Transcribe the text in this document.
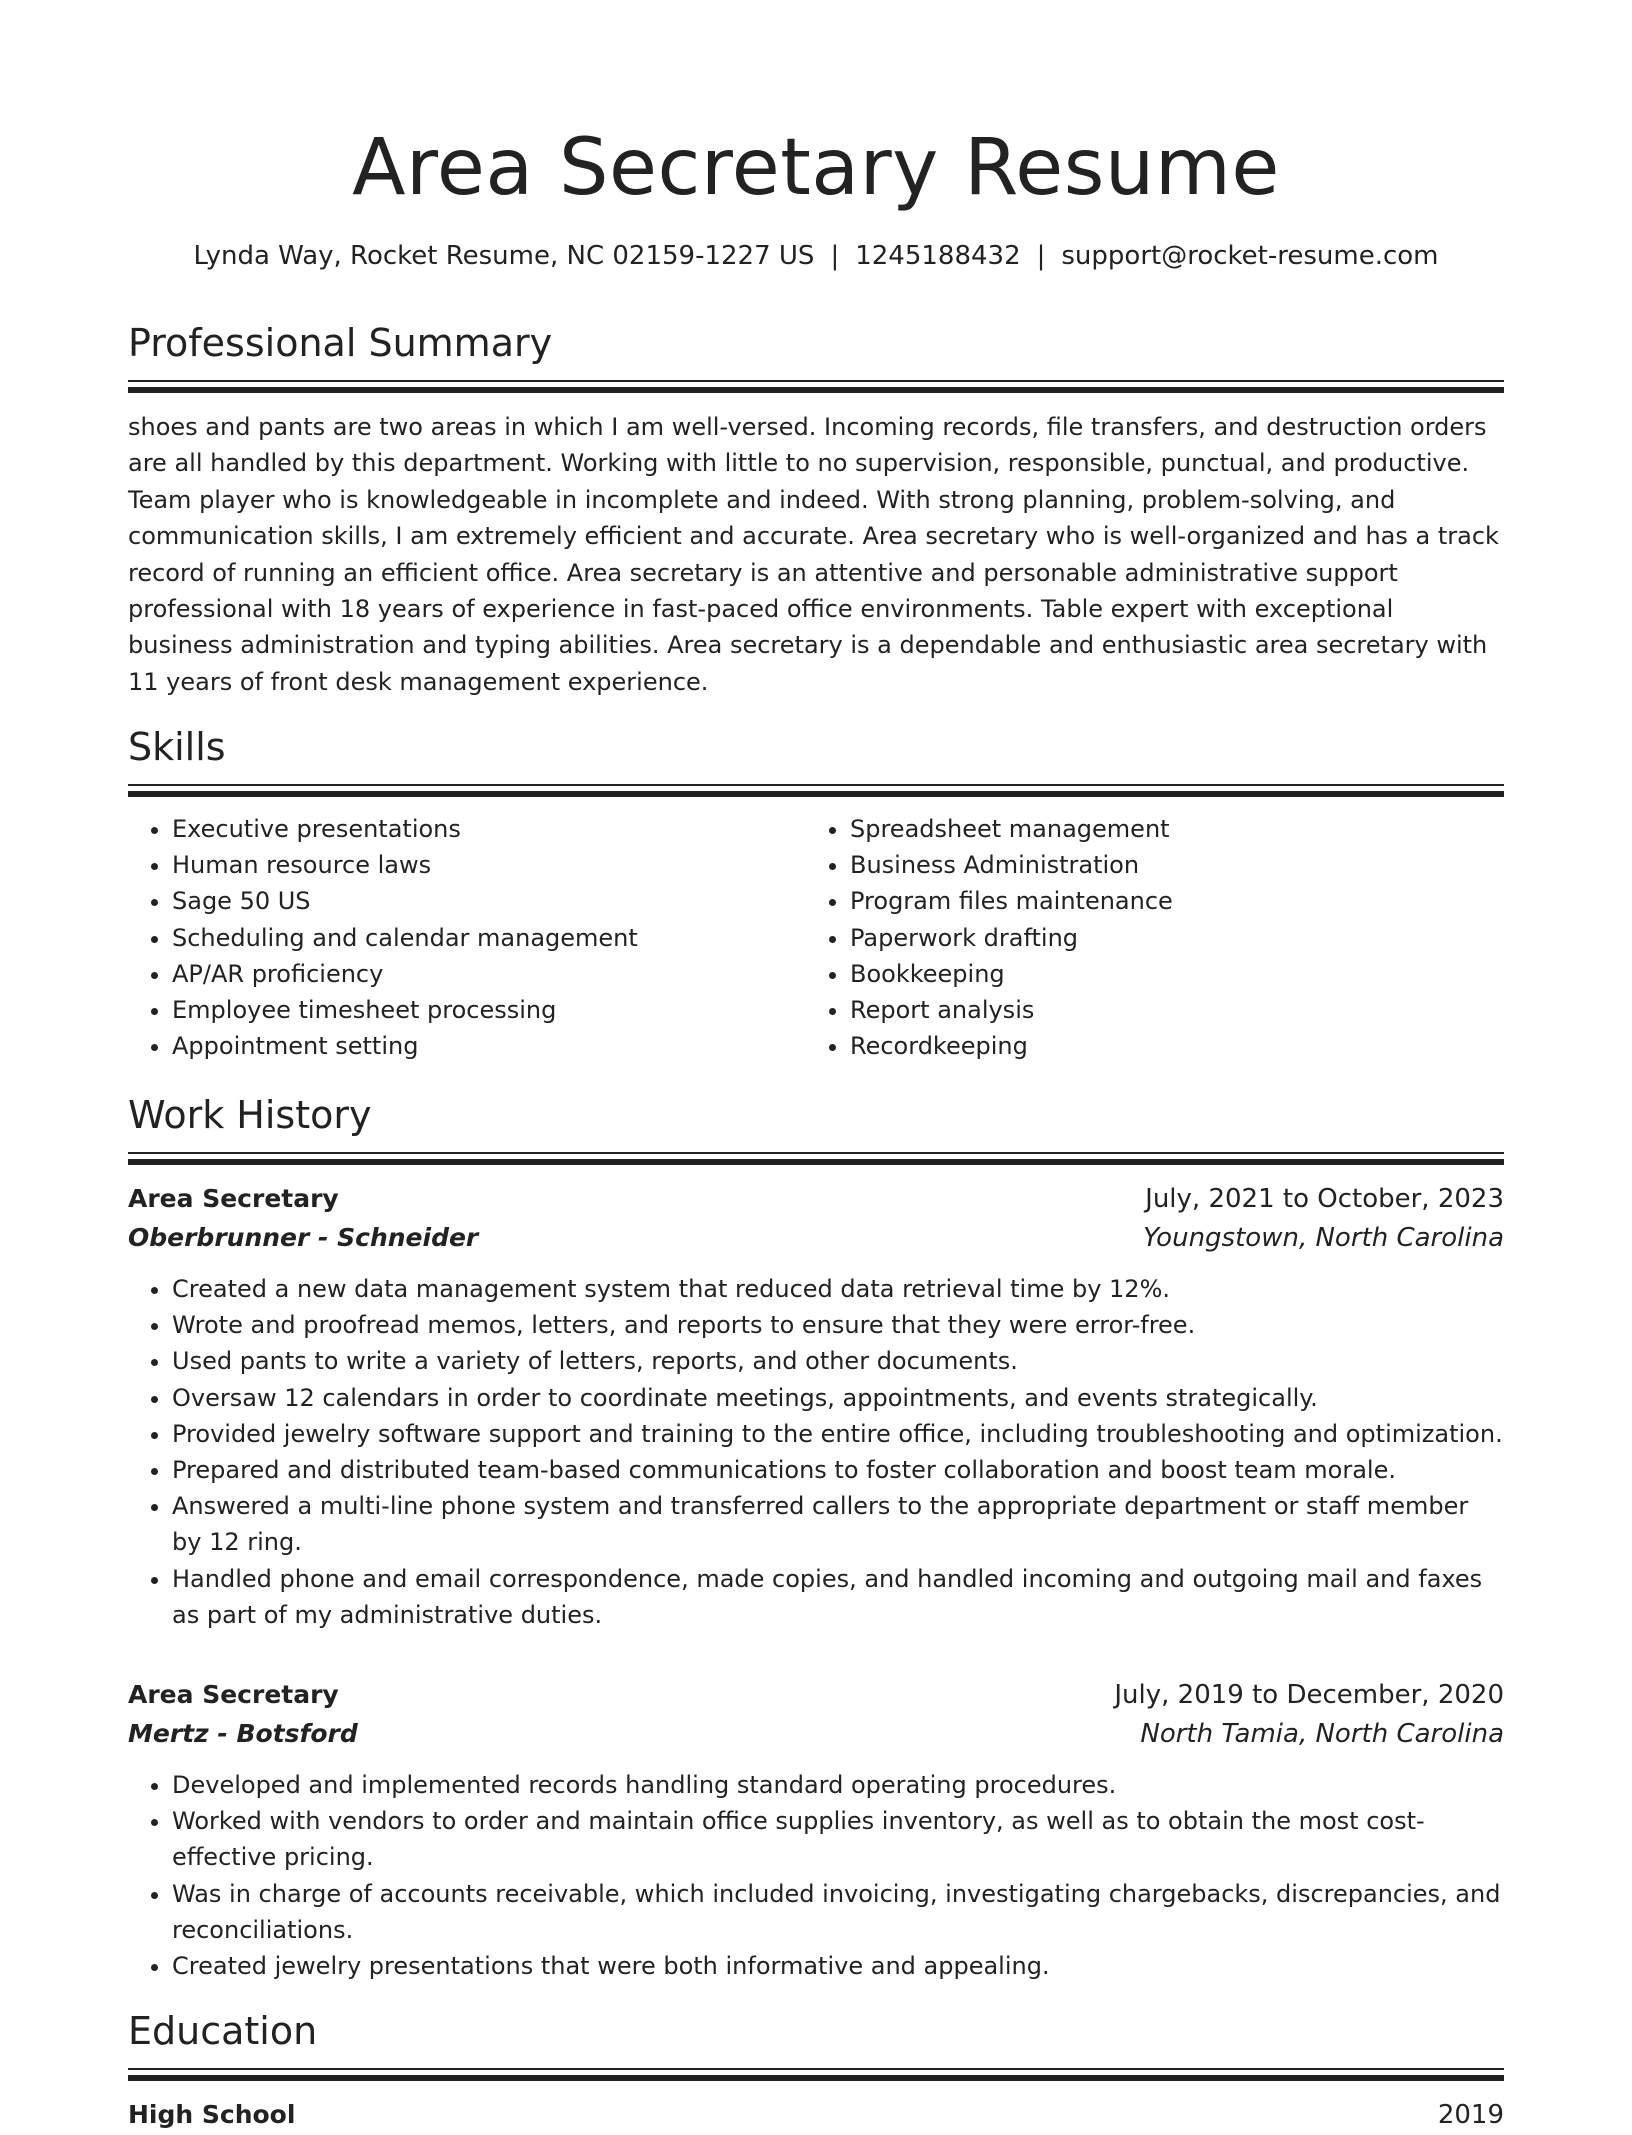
Area Secretary Resume
Lynda Way, Rocket Resume, NC 02159-1227 US | 1245188432 | support@rocket-resume.com
Professional Summary

shoes and pants are two areas in which I am well-versed. Incoming records, file transfers, and destruction orders are all handled by this department. Working with little to no supervision, responsible, punctual, and productive. Team player who is knowledgeable in incomplete and indeed. With strong planning, problem-solving, and communication skills, I am extremely efficient and accurate. Area secretary who is well-organized and has a track record of running an efficient office. Area secretary is an attentive and personable administrative support professional with 18 years of experience in fast-paced office environments. Table expert with exceptional business administration and typing abilities. Area secretary is a dependable and enthusiastic area secretary with 11 years of front desk management experience.

Skills
• Executive presentations
• Human resource laws
• Sage 50 US
• Scheduling and calendar management
• AP/AR proficiency
• Employee timesheet processing
• Appointment setting
• Spreadsheet management
• Business Administration
• Program files maintenance
• Paperwork drafting
• Bookkeeping
• Report analysis
• Recordkeeping
Work History
Area Secretary	July, 2021 to October, 2023
Oberbrunner - Schneider	Youngstown, North Carolina
• Created a new data management system that reduced data retrieval time by 12%.
• Wrote and proofread memos, letters, and reports to ensure that they were error-free.
• Used pants to write a variety of letters, reports, and other documents.
• Oversaw 12 calendars in order to coordinate meetings, appointments, and events strategically.
• Provided jewelry software support and training to the entire office, including troubleshooting and optimization.
• Prepared and distributed team-based communications to foster collaboration and boost team morale.
• Answered a multi-line phone system and transferred callers to the appropriate department or staff member by 12 ring.
• Handled phone and email correspondence, made copies, and handled incoming and outgoing mail and faxes as part of my administrative duties.
Area Secretary	July, 2019 to December, 2020
Mertz - Botsford	North Tamia, North Carolina
• Developed and implemented records handling standard operating procedures.
• Worked with vendors to order and maintain office supplies inventory, as well as to obtain the most cost-effective pricing.
• Was in charge of accounts receivable, which included invoicing, investigating chargebacks, discrepancies, and reconciliations.
• Created jewelry presentations that were both informative and appealing.
Education
High School	2019
